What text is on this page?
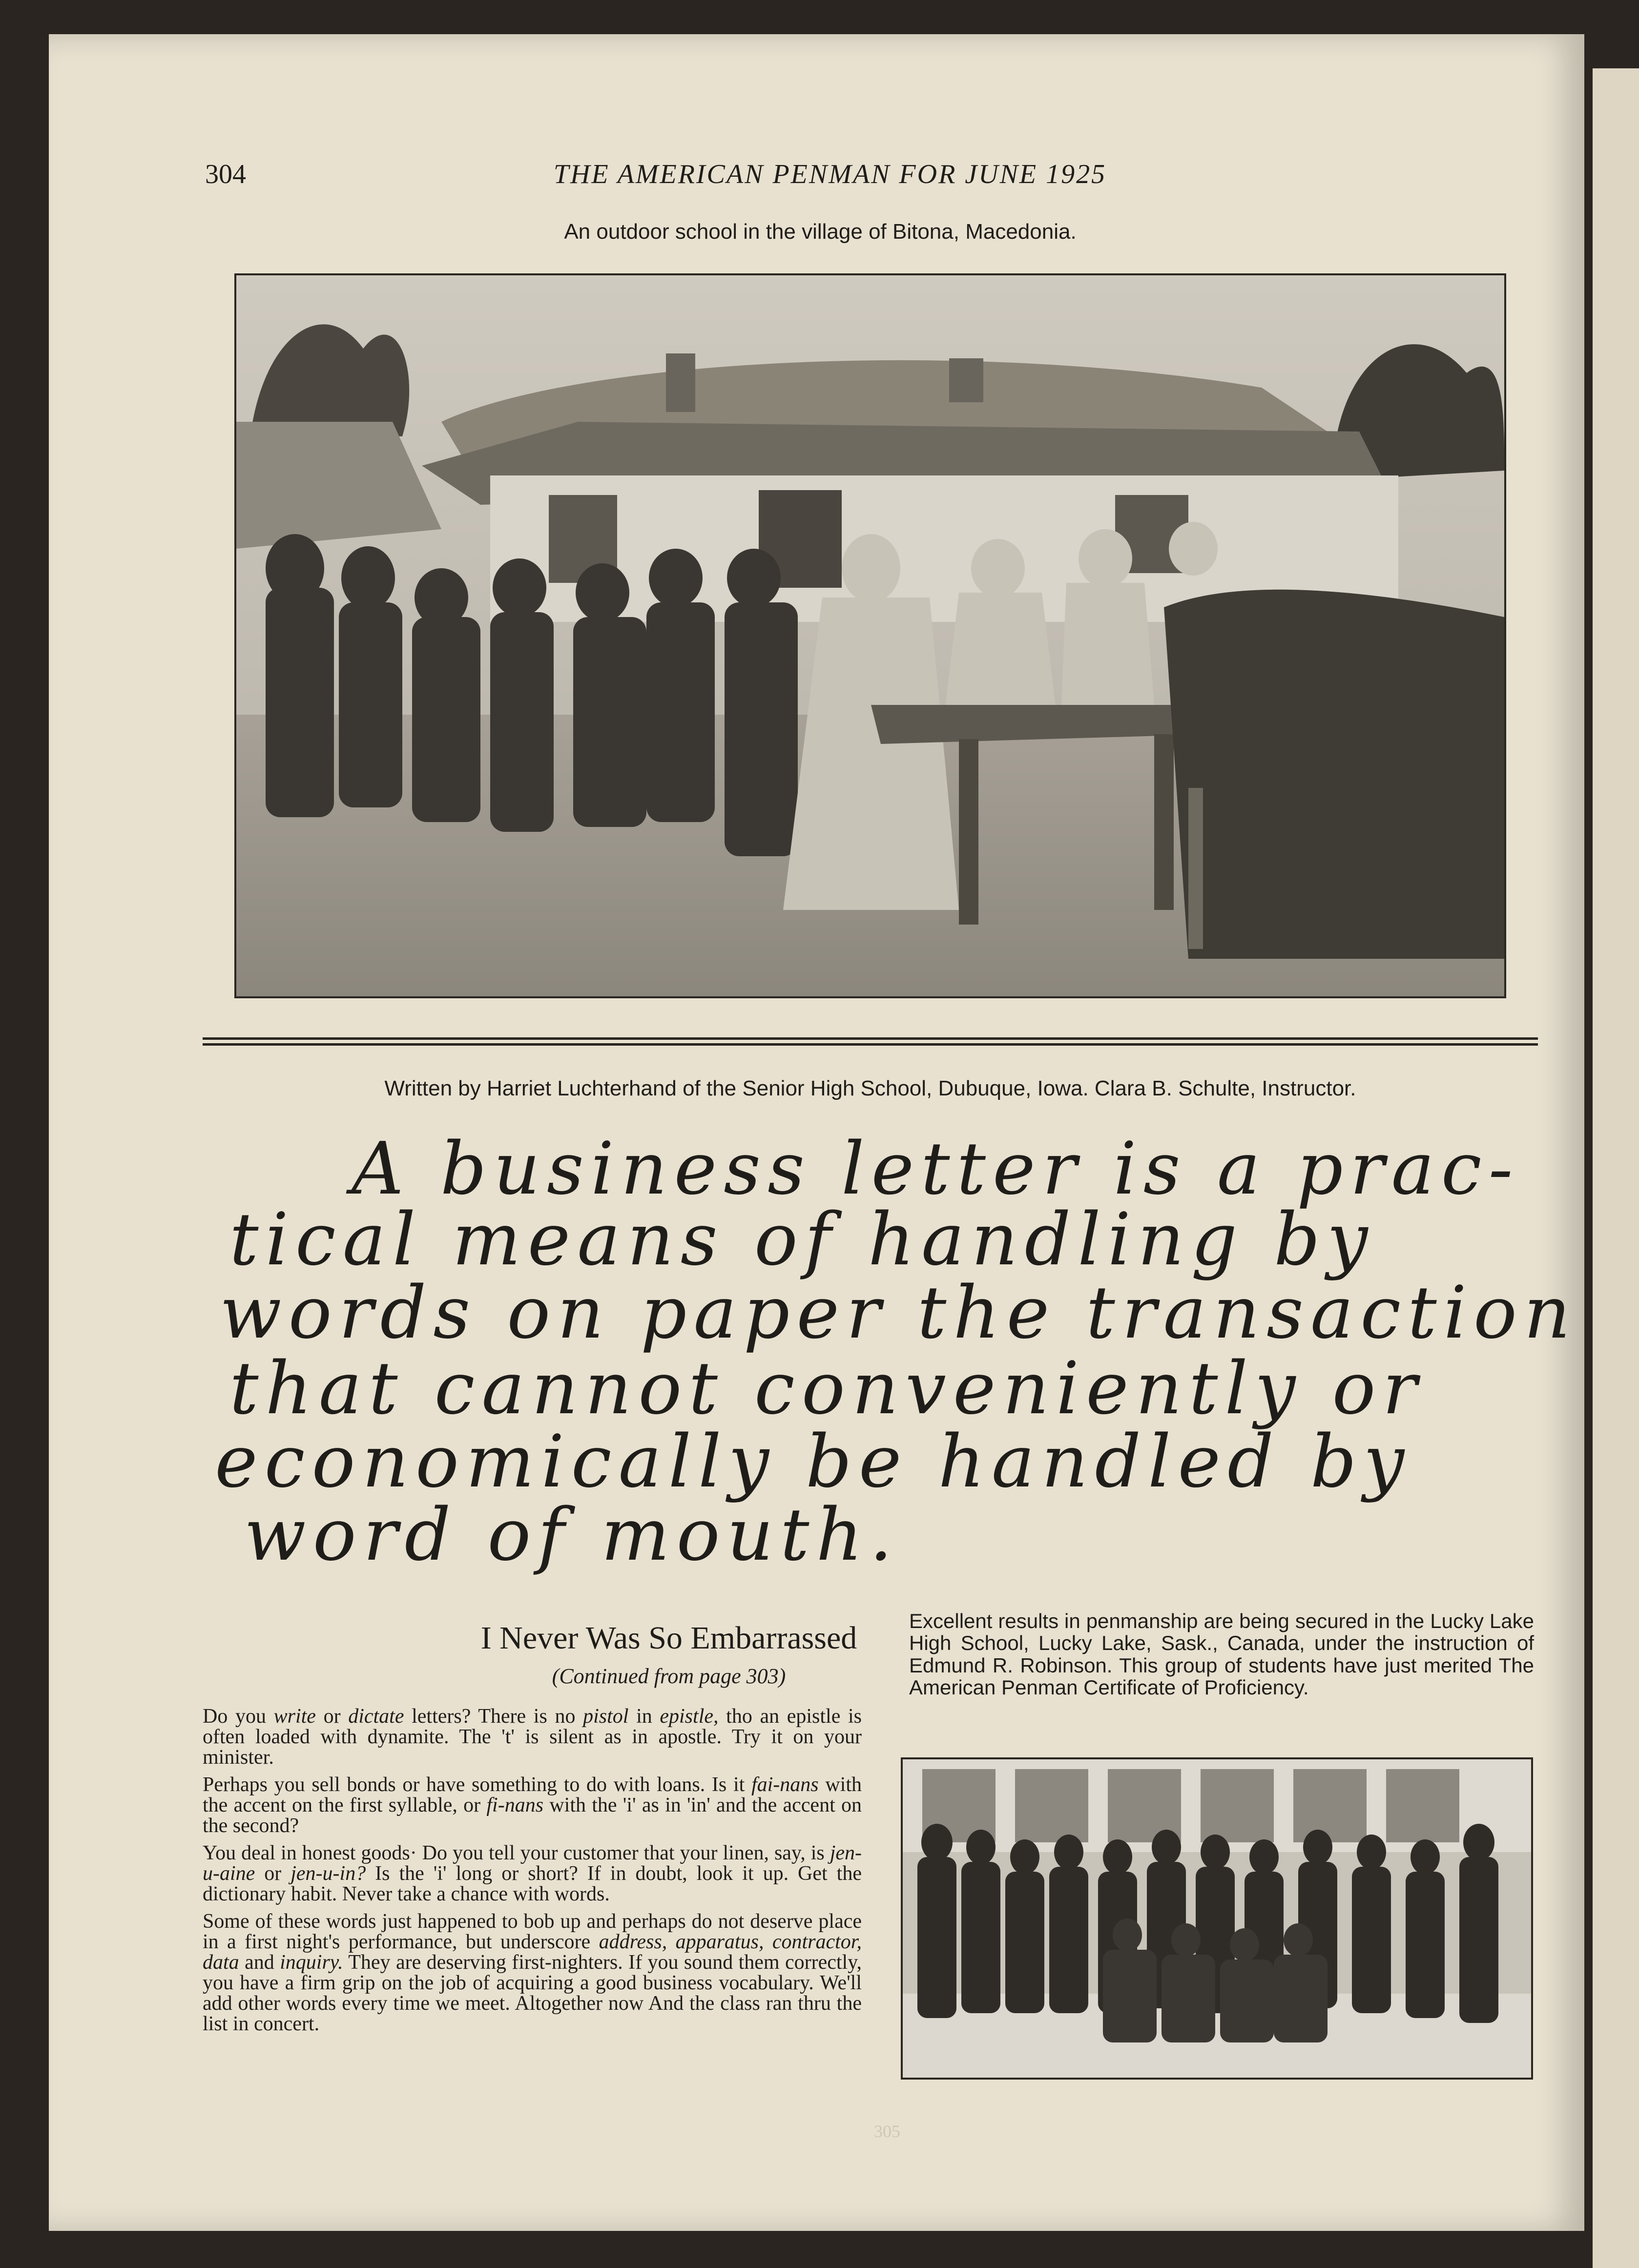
304	THE AMERICAN PENMAN FOR JUNE 1925
An outdoor school in the village of Bitona, Macedonia.
Written by Harriet Luchterhand of the Senior High School, Dubuque, Iowa. Clara B. Schulte, Instructor.
A business letter is a prac-
tical means of handling by
words on paper the transaction
that cannot conveniently or
economically be handled by
word of mouth.
I Never Was So Embarrassed
(Continued from page 303)

Do you write or dictate letters? There is no pistol in epistle, tho an epistle is often loaded with dynamite. The 't' is silent as in apostle. Try it on your minister.

Perhaps you sell bonds or have something to do with loans. Is it fai-nans with the accent on the first syllable, or fi-nans with the 'i' as in 'in' and the accent on the second?

You deal in honest goods· Do you tell your customer that your linen, say, is jen-u-aine or jen-u-in? Is the 'i' long or short? If in doubt, look it up. Get the dictionary habit. Never take a chance with words.

Some of these words just happened to bob up and perhaps do not deserve place in a first night's performance, but underscore address, apparatus, contractor, data and inquiry. They are deserving first-nighters. If you sound them correctly, you have a firm grip on the job of acquiring a good business vocabulary. We'll add other words every time we meet. Altogether now And the class ran thru the list in concert.

Excellent results in penmanship are being secured in the Lucky Lake High School, Lucky Lake, Sask., Canada, under the instruction of Edmund R. Robinson. This group of students have just merited The American Penman Certificate of Proficiency.
305
